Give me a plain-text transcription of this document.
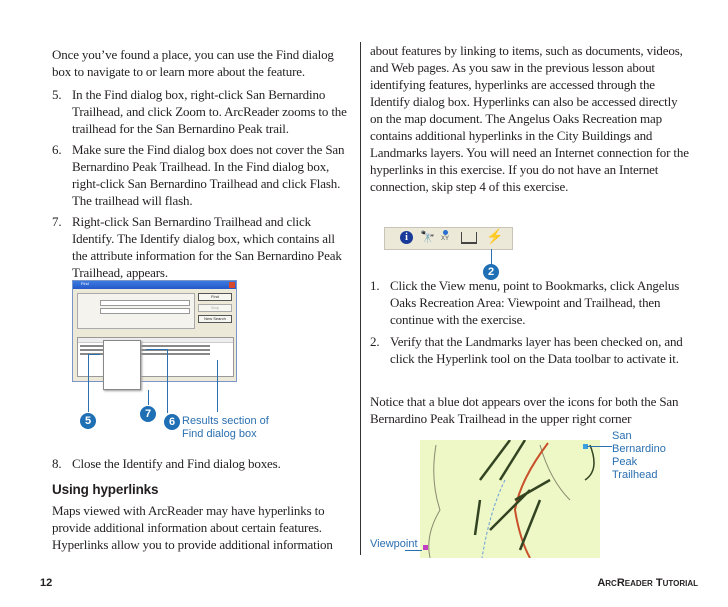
Once you’ve found a place, you can use the Find dialog box to navigate to or learn more about the feature.
5. In the Find dialog box, right-click San Bernardino Trailhead, and click Zoom to. ArcReader zooms to the trailhead for the San Bernardino Peak trail.
6. Make sure the Find dialog box does not cover the San Bernardino Peak Trailhead. In the Find dialog box, right-click San Bernardino Trailhead and click Flash. The trailhead will flash.
7. Right-click San Bernardino Trailhead and click Identify. The Identify dialog box, which contains all the attribute information for the San Bernardino Peak Trailhead, appears.
Find
Find
Stop
New Search
5
7
6 Results section of Find dialog box
8. Close the Identify and Find dialog boxes.
Using hyperlinks
Maps viewed with ArcReader may have hyperlinks to provide additional information about certain features. Hyperlinks allow you to provide additional information
about features by linking to items, such as documents, videos, and Web pages. As you saw in the previous lesson about identifying features, hyperlinks are accessed through the Identify dialog box. Hyperlinks can also be accessed directly on the map document. The Angelus Oaks Recreation map contains additional hyperlinks in the City Buildings and Landmarks layers. You will need an Internet connection for the hyperlinks in this exercise. If you do not have an Internet connection, skip step 4 of this exercise.
i	🔭 XY	⚡
2
1. Click the View menu, point to Bookmarks, click Angelus Oaks Recreation Area: Viewpoint and Trailhead, then continue with the exercise.
2. Verify that the Landmarks layer has been checked on, and click the Hyperlink tool on the Data toolbar to activate it.
Notice that a blue dot appears over the icons for both the San Bernardino Peak Trailhead in the upper right corner
San Bernardino Peak Trailhead
Viewpoint
12	ARCREADER TUTORIAL
